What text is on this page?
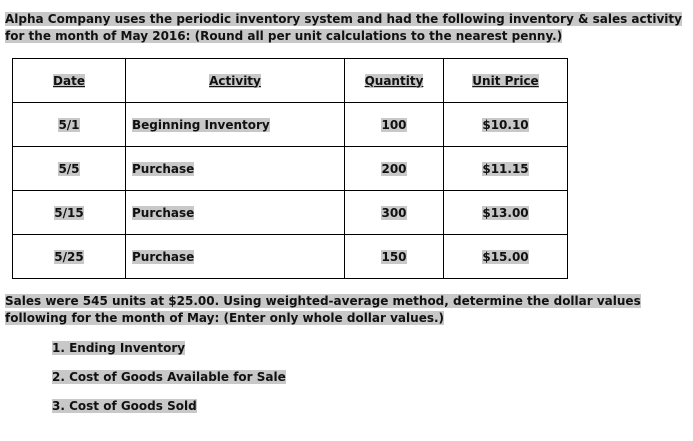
Alpha Company uses the periodic inventory system and had the following inventory & sales activity for the month of May 2016: (Round all per unit calculations to the nearest penny.)

Date	Activity	Quantity	Unit Price
5/1	Beginning Inventory	100	$10.10
5/5	Purchase	200	$11.15
5/15	Purchase	300	$13.00
5/25	Purchase	150	$15.00

Sales were 545 units at $25.00. Using weighted-average method, determine the dollar values following for the month of May: (Enter only whole dollar values.)

1. Ending Inventory
2. Cost of Goods Available for Sale
3. Cost of Goods Sold
